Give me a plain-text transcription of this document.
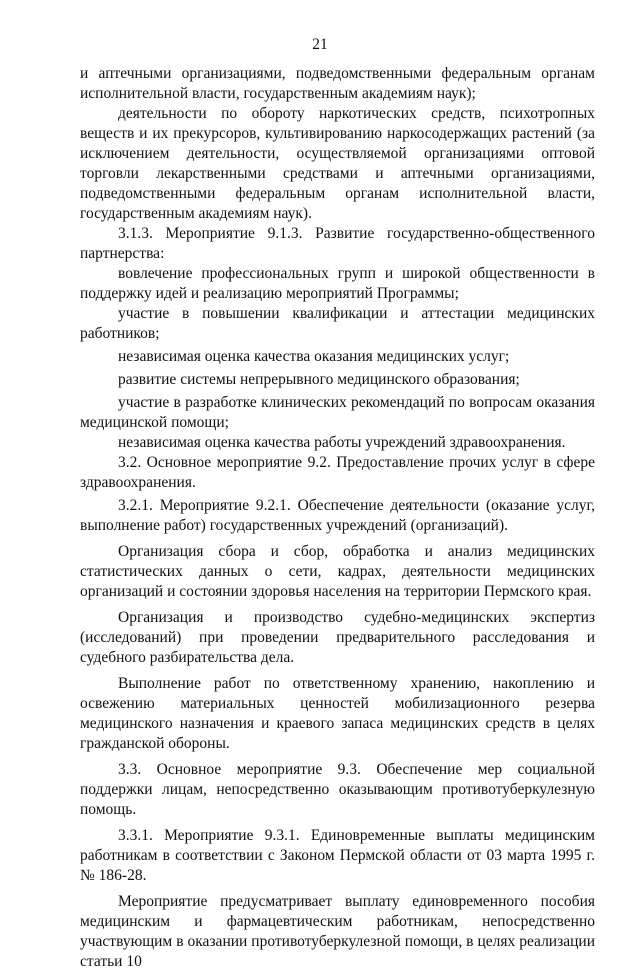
21

и аптечными организациями, подведомственными федеральным органам исполнительной власти, государственным академиям наук);

деятельности по обороту наркотических средств, психотропных веществ и их прекурсоров, культивированию наркосодержащих растений (за исключением деятельности, осуществляемой организациями оптовой торговли лекарственными средствами и аптечными организациями, подведомственными федеральным органам исполнительной власти, государственным академиям наук).

3.1.3. Мероприятие 9.1.3. Развитие государственно-общественного партнерства:

вовлечение профессиональных групп и широкой общественности в поддержку идей и реализацию мероприятий Программы;

участие в повышении квалификации и аттестации медицинских работников;

независимая оценка качества оказания медицинских услуг;

развитие системы непрерывного медицинского образования;

участие в разработке клинических рекомендаций по вопросам оказания медицинской помощи;

независимая оценка качества работы учреждений здравоохранения.

3.2. Основное мероприятие 9.2. Предоставление прочих услуг в сфере здравоохранения.

3.2.1. Мероприятие 9.2.1. Обеспечение деятельности (оказание услуг, выполнение работ) государственных учреждений (организаций).

Организация сбора и сбор, обработка и анализ медицинских статистических данных о сети, кадрах, деятельности медицинских организаций и состоянии здоровья населения на территории Пермского края.

Организация и производство судебно-медицинских экспертиз (исследований) при проведении предварительного расследования и судебного разбирательства дела.

Выполнение работ по ответственному хранению, накоплению и освежению материальных ценностей мобилизационного резерва медицинского назначения и краевого запаса медицинских средств в целях гражданской обороны.

3.3. Основное мероприятие 9.3. Обеспечение мер социальной поддержки лицам, непосредственно оказывающим противотуберкулезную помощь.

3.3.1. Мероприятие 9.3.1. Единовременные выплаты медицинским работникам в соответствии с Законом Пермской области от 03 марта 1995 г. № 186-28.

Мероприятие предусматривает выплату единовременного пособия медицинским и фармацевтическим работникам, непосредственно участвующим в оказании противотуберкулезной помощи, в целях реализации статьи 10
